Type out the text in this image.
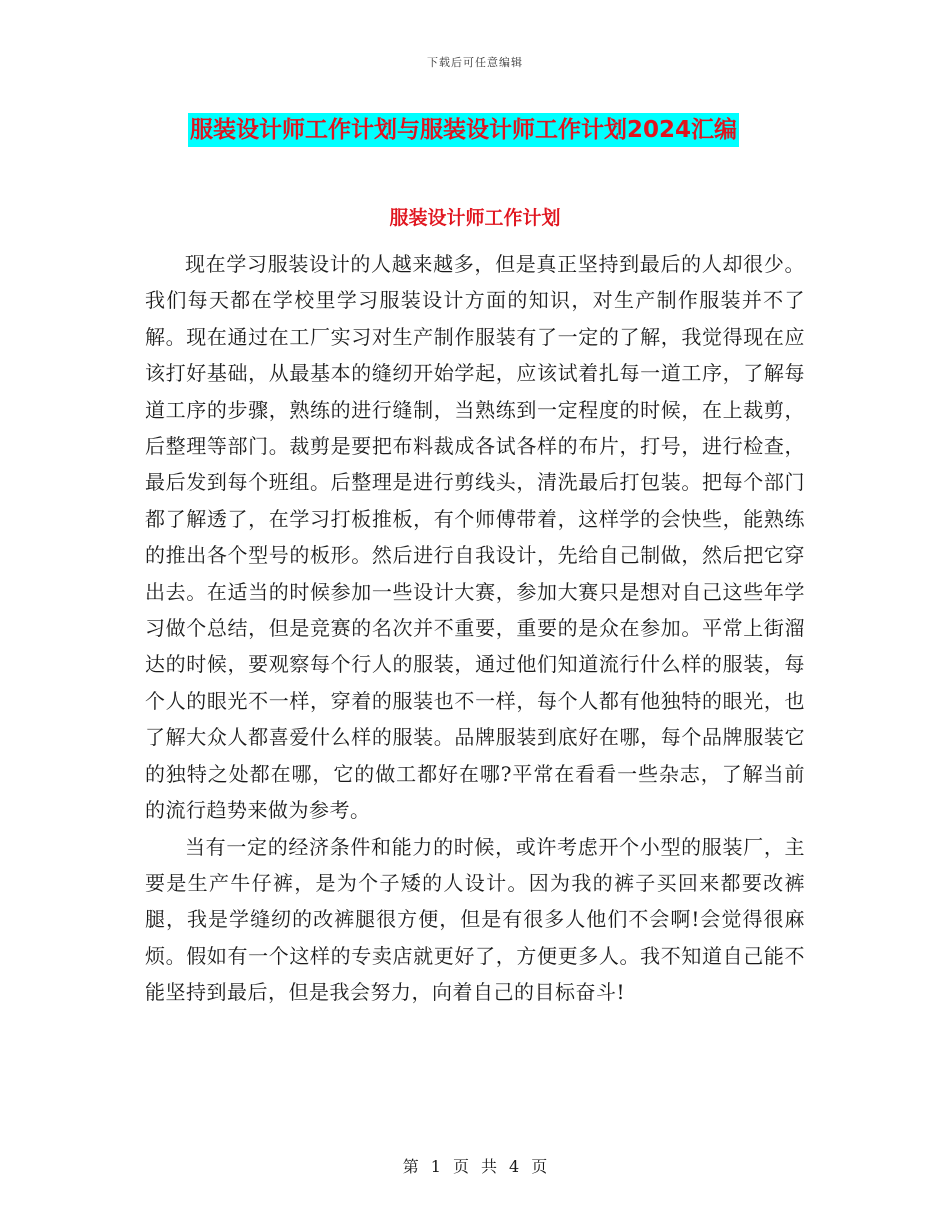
下载后可任意编辑
服装设计师工作计划与服装设计师工作计划2024汇编
服装设计师工作计划

现在学习服装设计的人越来越多，但是真正坚持到最后的人却很少。我们每天都在学校里学习服装设计方面的知识，对生产制作服装并不了解。现在通过在工厂实习对生产制作服装有了一定的了解，我觉得现在应该打好基础，从最基本的缝纫开始学起，应该试着扎每一道工序，了解每道工序的步骤，熟练的进行缝制，当熟练到一定程度的时候，在上裁剪，后整理等部门。裁剪是要把布料裁成各试各样的布片，打号，进行检查，最后发到每个班组。后整理是进行剪线头，清洗最后打包装。把每个部门都了解透了，在学习打板推板，有个师傅带着，这样学的会快些，能熟练的推出各个型号的板形。然后进行自我设计，先给自己制做，然后把它穿出去。在适当的时候参加一些设计大赛，参加大赛只是想对自己这些年学习做个总结，但是竞赛的名次并不重要，重要的是众在参加。平常上街溜达的时候，要观察每个行人的服装，通过他们知道流行什么样的服装，每个人的眼光不一样，穿着的服装也不一样，每个人都有他独特的眼光，也了解大众人都喜爱什么样的服装。品牌服装到底好在哪，每个品牌服装它的独特之处都在哪，它的做工都好在哪?平常在看看一些杂志，了解当前的流行趋势来做为参考。

当有一定的经济条件和能力的时候，或许考虑开个小型的服装厂，主要是生产牛仔裤，是为个子矮的人设计。因为我的裤子买回来都要改裤腿，我是学缝纫的改裤腿很方便，但是有很多人他们不会啊!会觉得很麻烦。假如有一个这样的专卖店就更好了，方便更多人。我不知道自己能不能坚持到最后，但是我会努力，向着自己的目标奋斗!

第 1 页 共 4 页
